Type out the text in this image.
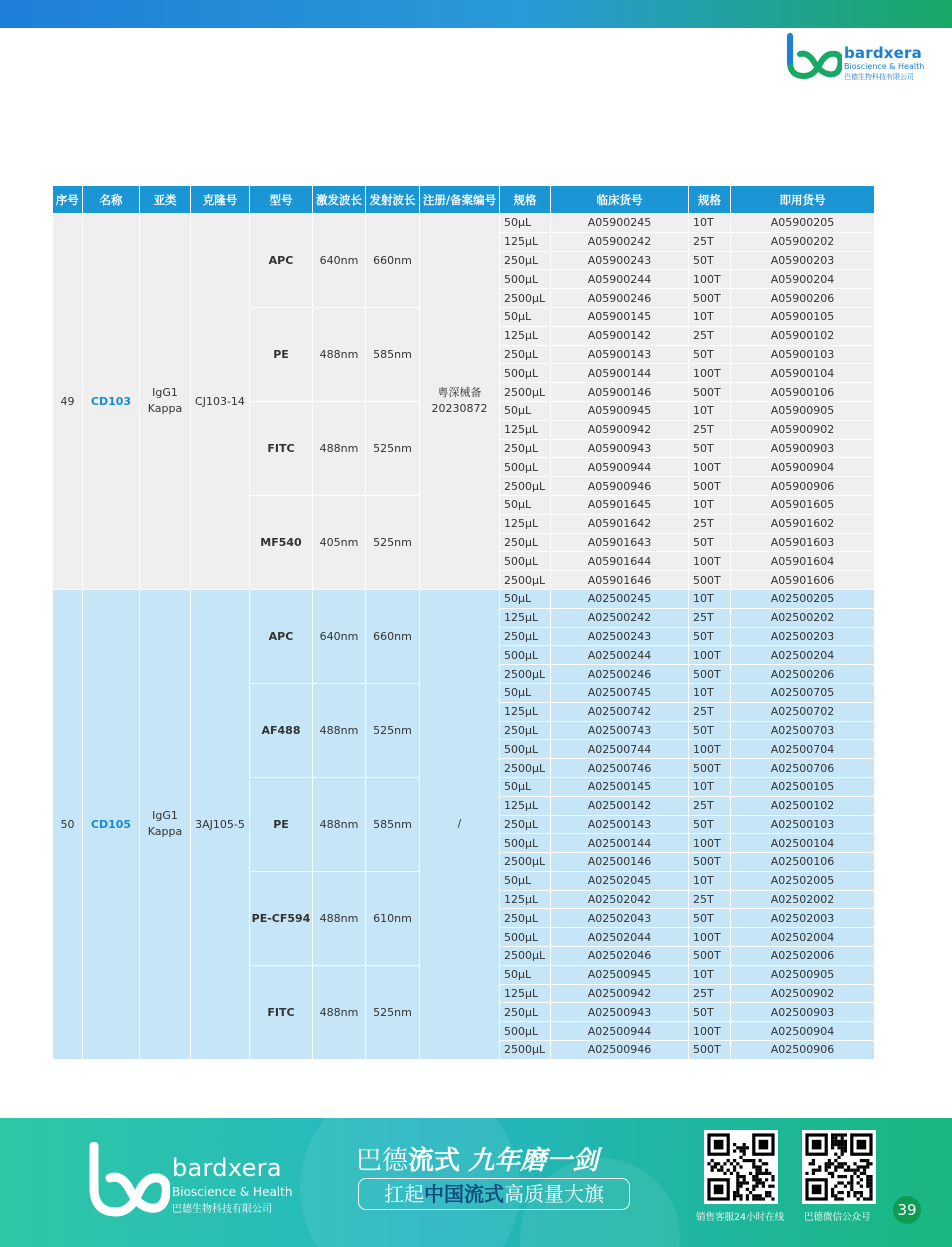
bardxera
Bioscience & Health
巴德生物科技有限公司
序号	名称	亚类	克隆号	型号	激发波长	发射波长	注册/备案编号	规格	临床货号	规格	即用货号
49	CD103	IgG1 Kappa	CJ103-14	APC	640nm	660nm	粤深械备 20230872	50μL	A05900245	10T	A05900205
								125μL	A05900242	25T	A05900202
								250μL	A05900243	50T	A05900203
								500μL	A05900244	100T	A05900204
								2500μL	A05900246	500T	A05900206
				PE	488nm	585nm		50μL	A05900145	10T	A05900105
								125μL	A05900142	25T	A05900102
								250μL	A05900143	50T	A05900103
								500μL	A05900144	100T	A05900104
								2500μL	A05900146	500T	A05900106
				FITC	488nm	525nm		50μL	A05900945	10T	A05900905
								125μL	A05900942	25T	A05900902
								250μL	A05900943	50T	A05900903
								500μL	A05900944	100T	A05900904
								2500μL	A05900946	500T	A05900906
				MF540	405nm	525nm		50μL	A05901645	10T	A05901605
								125μL	A05901642	25T	A05901602
								250μL	A05901643	50T	A05901603
								500μL	A05901644	100T	A05901604
								2500μL	A05901646	500T	A05901606
50	CD105	IgG1 Kappa	3AJ105-5	APC	640nm	660nm	/	50μL	A02500245	10T	A02500205
								125μL	A02500242	25T	A02500202
								250μL	A02500243	50T	A02500203
								500μL	A02500244	100T	A02500204
								2500μL	A02500246	500T	A02500206
				AF488	488nm	525nm		50μL	A02500745	10T	A02500705
								125μL	A02500742	25T	A02500702
								250μL	A02500743	50T	A02500703
								500μL	A02500744	100T	A02500704
								2500μL	A02500746	500T	A02500706
				PE	488nm	585nm		50μL	A02500145	10T	A02500105
								125μL	A02500142	25T	A02500102
								250μL	A02500143	50T	A02500103
								500μL	A02500144	100T	A02500104
								2500μL	A02500146	500T	A02500106
				PE-CF594	488nm	610nm		50μL	A02502045	10T	A02502005
								125μL	A02502042	25T	A02502002
								250μL	A02502043	50T	A02502003
								500μL	A02502044	100T	A02502004
								2500μL	A02502046	500T	A02502006
				FITC	488nm	525nm		50μL	A02500945	10T	A02500905
								125μL	A02500942	25T	A02500902
								250μL	A02500943	50T	A02500903
								500μL	A02500944	100T	A02500904
								2500μL	A02500946	500T	A02500906
bardxera
Bioscience & Health
巴德生物科技有限公司
巴德流式 九年磨一剑
扛起中国流式高质量大旗
销售客服24小时在线 巴德微信公众号 39
